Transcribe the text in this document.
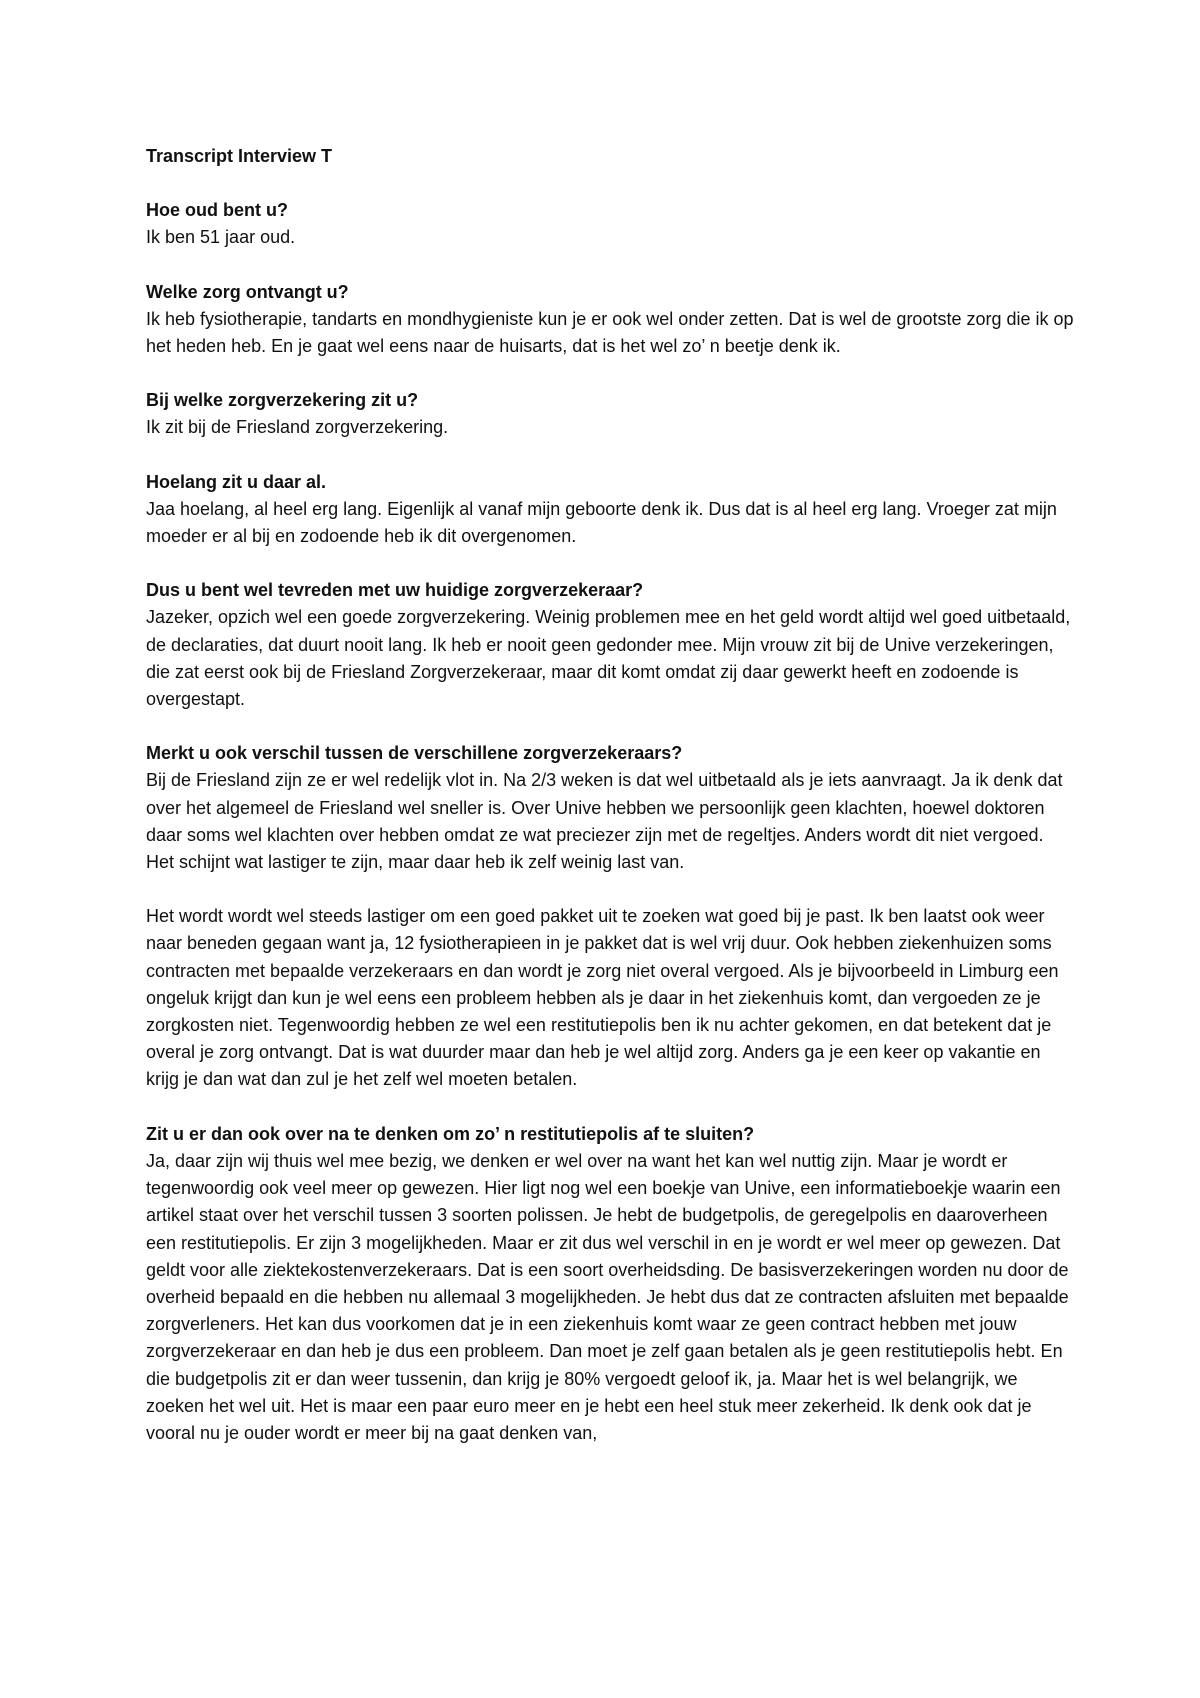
Transcript Interview T
Hoe oud bent u?
Ik ben 51 jaar oud.
Welke zorg ontvangt u?
Ik heb fysiotherapie, tandarts en mondhygieniste kun je er ook wel onder zetten. Dat is wel de grootste zorg die ik op het heden heb. En je gaat wel eens naar de huisarts, dat is het wel zo’ n beetje denk ik.
Bij welke zorgverzekering zit u?
Ik zit bij de Friesland zorgverzekering.
Hoelang zit u daar al.
Jaa hoelang, al heel erg lang. Eigenlijk al vanaf mijn geboorte denk ik. Dus dat is al heel erg lang. Vroeger zat mijn moeder er al bij en zodoende heb ik dit overgenomen.
Dus u bent wel tevreden met uw huidige zorgverzekeraar?
Jazeker, opzich wel een goede zorgverzekering. Weinig problemen mee en het geld wordt altijd wel goed uitbetaald, de declaraties, dat duurt nooit lang. Ik heb er nooit geen gedonder mee. Mijn vrouw zit bij de Unive verzekeringen, die zat eerst ook bij de Friesland Zorgverzekeraar, maar dit komt omdat zij daar gewerkt heeft en zodoende is overgestapt.
Merkt u ook verschil tussen de verschillene zorgverzekeraars?
Bij de Friesland zijn ze er wel redelijk vlot in. Na 2/3 weken is dat wel uitbetaald als je iets aanvraagt. Ja ik denk dat over het algemeel de Friesland wel sneller is. Over Unive hebben we persoonlijk geen klachten, hoewel doktoren daar soms wel klachten over hebben omdat ze wat preciezer zijn met de regeltjes. Anders wordt dit niet vergoed. Het schijnt wat lastiger te zijn, maar daar heb ik zelf weinig last van.
Het wordt wordt wel steeds lastiger om een goed pakket uit te zoeken wat goed bij je past. Ik ben laatst ook weer naar beneden gegaan want ja, 12 fysiotherapieen in je pakket dat is wel vrij duur. Ook hebben ziekenhuizen soms contracten met bepaalde verzekeraars en dan wordt je zorg niet overal vergoed. Als je bijvoorbeeld in Limburg een ongeluk krijgt dan kun je wel eens een probleem hebben als je daar in het ziekenhuis komt, dan vergoeden ze je zorgkosten niet. Tegenwoordig hebben ze wel een restitutiepolis ben ik nu achter gekomen, en dat betekent dat je overal je zorg ontvangt. Dat is wat duurder maar dan heb je wel altijd zorg. Anders ga je een keer op vakantie en krijg je dan wat dan zul je het zelf wel moeten betalen.
Zit u er dan ook over na te denken om zo’ n restitutiepolis af te sluiten?
Ja, daar zijn wij thuis wel mee bezig, we denken er wel over na want het kan wel nuttig zijn. Maar je wordt er tegenwoordig ook veel meer op gewezen. Hier ligt nog wel een boekje van Unive, een informatieboekje waarin een artikel staat over het verschil tussen 3 soorten polissen. Je hebt de budgetpolis, de geregelpolis en daaroverheen een restitutiepolis. Er zijn 3 mogelijkheden. Maar er zit dus wel verschil in en je wordt er wel meer op gewezen. Dat geldt voor alle ziektekostenverzekeraars. Dat is een soort overheidsding. De basisverzekeringen worden nu door de overheid bepaald en die hebben nu allemaal 3 mogelijkheden. Je hebt dus dat ze contracten afsluiten met bepaalde zorgverleners. Het kan dus voorkomen dat je in een ziekenhuis komt waar ze geen contract hebben met jouw zorgverzekeraar en dan heb je dus een probleem. Dan moet je zelf gaan betalen als je geen restitutiepolis hebt. En die budgetpolis zit er dan weer tussenin, dan krijg je 80% vergoedt geloof ik, ja. Maar het is wel belangrijk, we zoeken het wel uit. Het is maar een paar euro meer en je hebt een heel stuk meer zekerheid. Ik denk ook dat je vooral nu je ouder wordt er meer bij na gaat denken van,
